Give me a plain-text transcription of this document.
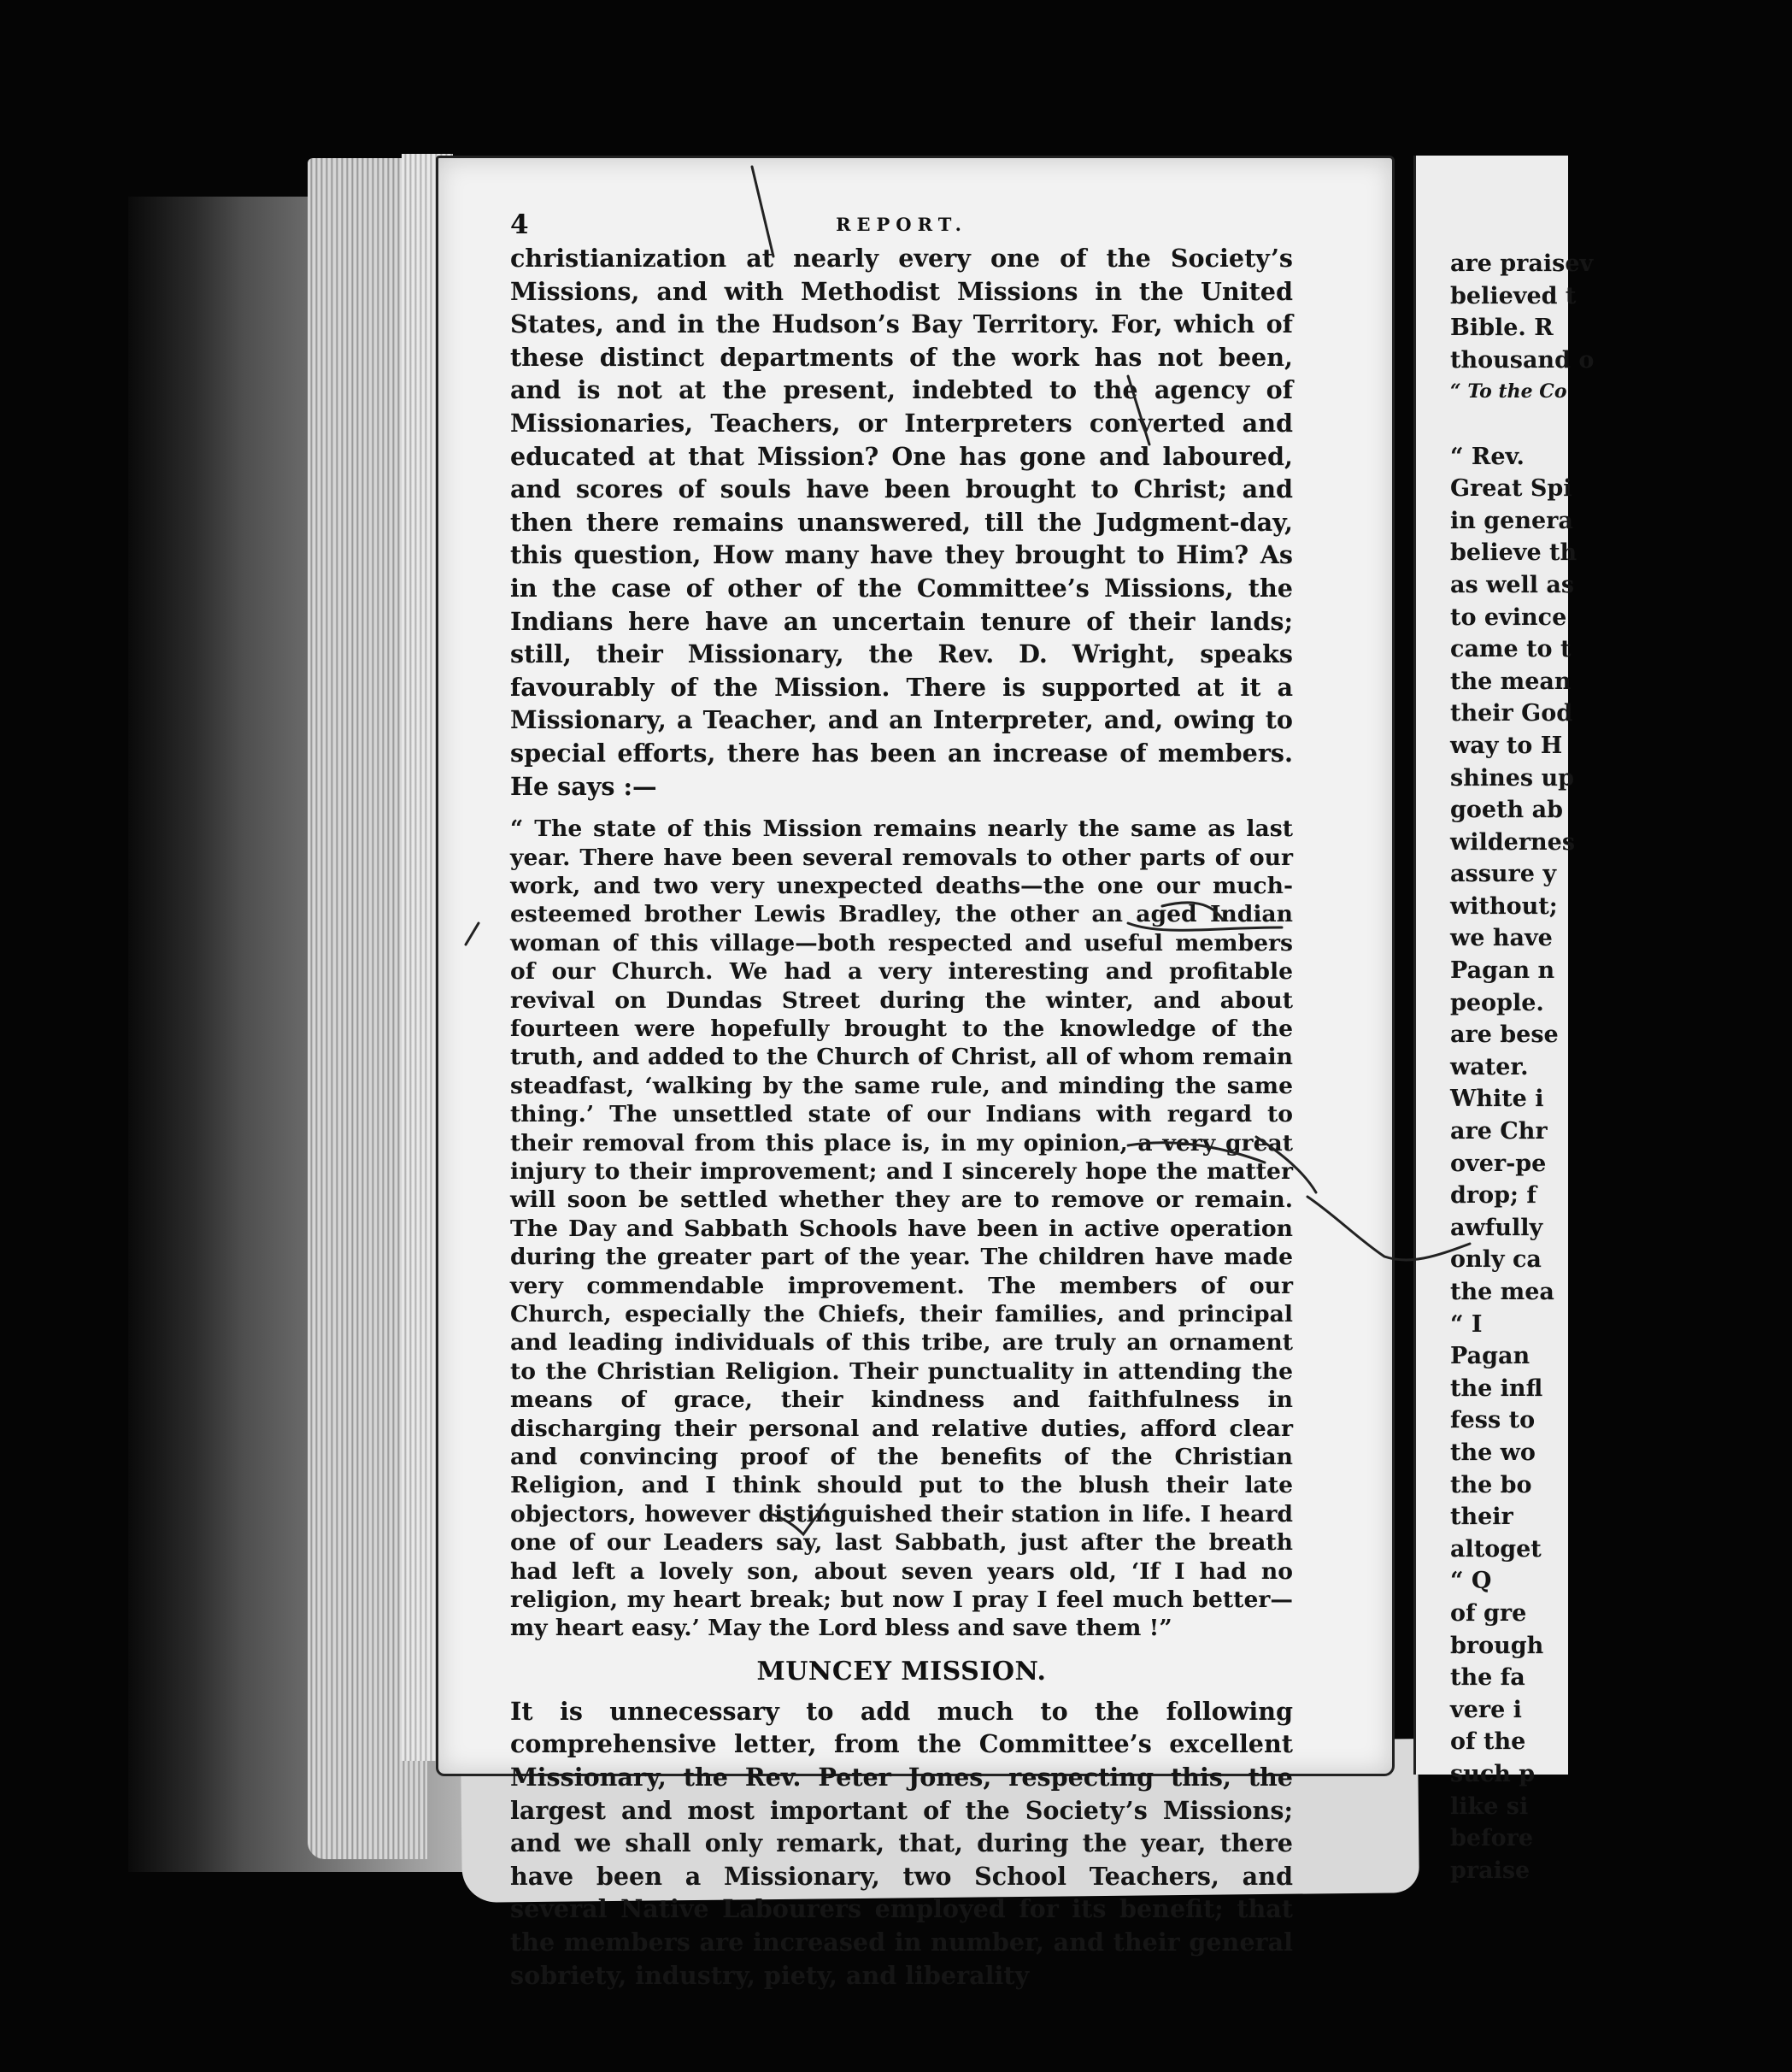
4	REPORT.

christianization at nearly every one of the Society’s Missions, and with Methodist Missions in the United States, and in the Hudson’s Bay Territory. For, which of these distinct departments of the work has not been, and is not at the present, indebted to the agency of Missionaries, Teachers, or Interpreters converted and educated at that Mission? One has gone and laboured, and scores of souls have been brought to Christ; and then there remains unanswered, till the Judgment-day, this question, How many have they brought to Him? As in the case of other of the Committee’s Missions, the Indians here have an uncertain tenure of their lands; still, their Missionary, the Rev. D. Wright, speaks favourably of the Mission. There is supported at it a Missionary, a Teacher, and an Interpreter, and, owing to special efforts, there has been an increase of members. He says :—

“ The state of this Mission remains nearly the same as last year. There have been several removals to other parts of our work, and two very unexpected deaths—the one our much-esteemed brother Lewis Bradley, the other an aged Indian woman of this village—both respected and useful members of our Church. We had a very interesting and profitable revival on Dundas Street during the winter, and about fourteen were hopefully brought to the knowledge of the truth, and added to the Church of Christ, all of whom remain steadfast, ‘walking by the same rule, and minding the same thing.’ The unsettled state of our Indians with regard to their removal from this place is, in my opinion, a very great injury to their improvement; and I sincerely hope the matter will soon be settled whether they are to remove or remain. The Day and Sabbath Schools have been in active operation during the greater part of the year. The children have made very commendable improvement. The members of our Church, especially the Chiefs, their families, and principal and leading individuals of this tribe, are truly an ornament to the Christian Religion. Their punctuality in attending the means of grace, their kindness and faithfulness in discharging their personal and relative duties, afford clear and convincing proof of the benefits of the Christian Religion, and I think should put to the blush their late objectors, however distinguished their station in life. I heard one of our Leaders say, last Sabbath, just after the breath had left a lovely son, about seven years old, ‘If I had no religion, my heart break; but now I pray I feel much better—my heart easy.’ May the Lord bless and save them !”

MUNCEY MISSION.

It is unnecessary to add much to the following comprehensive letter, from the Committee’s excellent Missionary, the Rev. Peter Jones, respecting this, the largest and most important of the Society’s Missions; and we shall only remark, that, during the year, there have been a Missionary, two School Teachers, and several Native Labourers employed for its benefit; that the members are increased in number, and their general sobriety, industry, piety, and liberality

are praisev
believed t
Bible. R
thousand o
“ To the Co
“ Rev.
Great Spi
in genera
believe th
as well as
to evince
came to t
the mean
their God
way to H
shines up
goeth ab
wildernes
assure y
without;
we have
Pagan n
people.
are bese
water.
White i
are Chr
over-pe
drop; f
awfully
only ca
the mea
“ I
Pagan
the infl
fess to
the wo
the bo
their
altoget
“ Q
of gre
brough
the fa
vere i
of the
such p
like si
before
praise
